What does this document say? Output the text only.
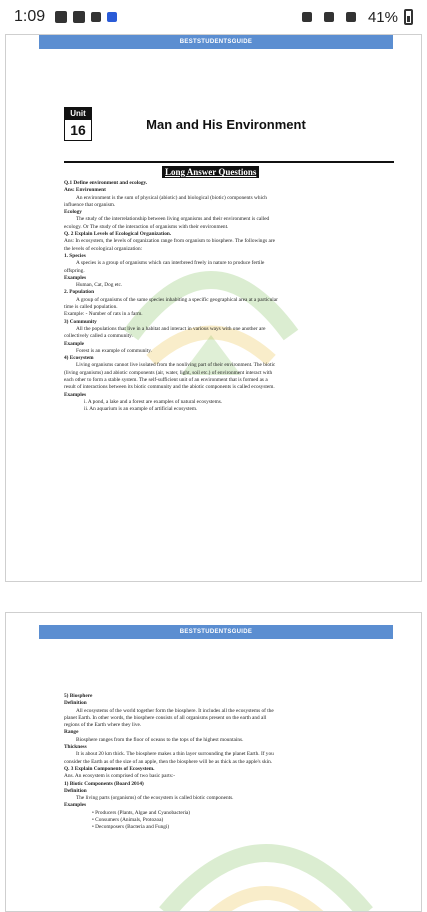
1:09	41%
BESTSTUDENTSGUIDE
Unit
16	Man and His Environment
Long Answer Questions
Q.1 Define environment and ecology.
Ans: Environment
An environment is the sum of physical (abiotic) and biological (biotic) components which
influence that organism.
Ecology
The study of the interrelationship between living organisms and their environment is called
ecology. Or The study of the interaction of organisms with their environment.
Q. 2 Explain Levels of Ecological Organization.
Ans: In ecosystem, the levels of organization range from organism to biosphere. The followings are
the levels of ecological organization:
1. Species
A species is a group of organisms which can interbreed freely in nature to produce fertile
offspring.
Examples
Human, Cat, Dog etc.
2. Population
A group of organisms of the same species inhabiting a specific geographical area at a particular
time is called population.
Example: - Number of rats in a farm.
3) Community
All the populations that live in a habitat and interact in various ways with one another are
collectively called a community.
Example
Forest is an example of community.
4) Ecosystem
Living organisms cannot live isolated from the nonliving part of their environment. The biotic
(living organisms) and abiotic components (air, water, light, soil etc.) of environment interact with
each other to form a stable system. The self-sufficient unit of an environment that is formed as a
result of interactions between its biotic community and the abiotic components is called ecosystem.
Examples
i. A pond, a lake and a forest are examples of natural ecosystems.
ii. An aquarium is an example of artificial ecosystem.
BESTSTUDENTSGUIDE
5) Biosphere
Definition
All ecosystems of the world together form the biosphere. It includes all the ecosystems of the
planet Earth. In other words, the biosphere consists of all organisms present on the earth and all
regions of the Earth where they live.
Range
Biosphere ranges from the floor of oceans to the tops of the highest mountains.
Thickness
It is about 20 km thick. The biosphere makes a thin layer surrounding the planet Earth. If you
consider the Earth as of the size of an apple, then the biosphere will be as thick as the apple's skin.
Q. 3 Explain Components of Ecosystem.
Ans. An ecosystem is comprised of two basic parts:-
1) Biotic Components (Board 2014)
Definition
The living parts (organisms) of the ecosystem is called biotic components.
Examples
• Producers (Plants, Algae and Cyanobacteria)
• Consumers (Animals, Protozoa)
• Decomposers (Bacteria and Fungi)
